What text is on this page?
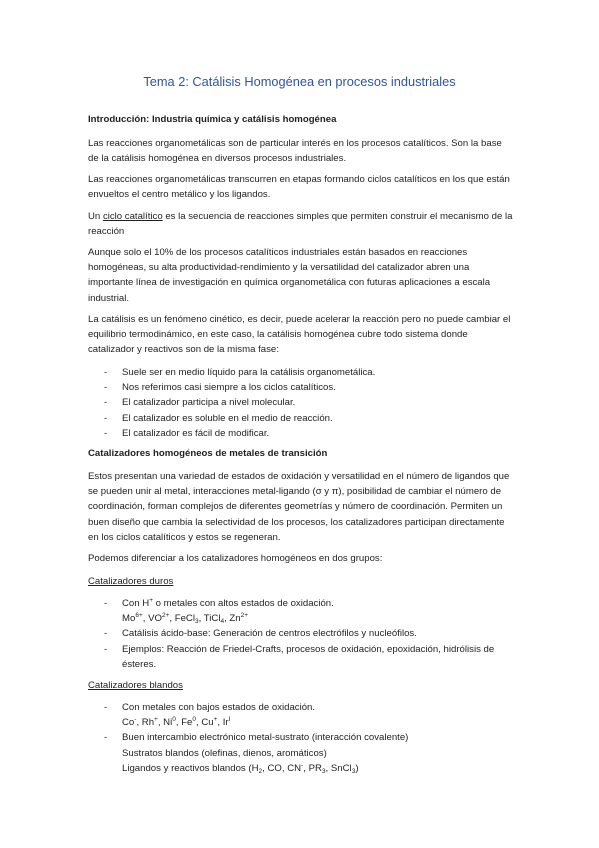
Tema 2: Catálisis Homogénea en procesos industriales

Introducción: Industria química y catálisis homogénea

Las reacciones organometálicas son de particular interés en los procesos catalíticos. Son la base de la catálisis homogénea en diversos procesos industriales.

Las reacciones organometálicas transcurren en etapas formando ciclos catalíticos en los que están envueltos el centro metálico y los ligandos.

Un ciclo catalítico es la secuencia de reacciones simples que permiten construir el mecanismo de la reacción

Aunque solo el 10% de los procesos catalíticos industriales están basados en reacciones homogéneas, su alta productividad-rendimiento y la versatilidad del catalizador abren una importante línea de investigación en química organometálica con futuras aplicaciones a escala industrial.

La catálisis es un fenómeno cinético, es decir, puede acelerar la reacción pero no puede cambiar el equilibrio termodinámico, en este caso, la catálisis homogénea cubre todo sistema donde catalizador y reactivos son de la misma fase:

- Suele ser en medio líquido para la catálisis organometálica.
- Nos referimos casi siempre a los ciclos catalíticos.
- El catalizador participa a nivel molecular.
- El catalizador es soluble en el medio de reacción.
- El catalizador es fácil de modificar.

Catalizadores homogéneos de metales de transición

Estos presentan una variedad de estados de oxidación y versatilidad en el número de ligandos que se pueden unir al metal, interacciones metal-ligando (σ y π), posibilidad de cambiar el número de coordinación, forman complejos de diferentes geometrías y número de coordinación. Permiten un buen diseño que cambia la selectividad de los procesos, los catalizadores participan directamente en los ciclos catalíticos y estos se regeneran.

Podemos diferenciar a los catalizadores homogéneos en dos grupos:

Catalizadores duros

- Con H+ o metales con altos estados de oxidación.
$Mo^{6+}$, $VO^{2+}$, FeCl$_3$, TiCl$_4$, $Zn^{2+}$
- Catálisis ácido-base: Generación de centros electrófilos y nucleófilos.
- Ejemplos: Reacción de Friedel-Crafts, procesos de oxidación, epoxidación, hidrólisis de ésteres.

Catalizadores blandos

- Con metales con bajos estados de oxidación.
Co-, Rh+, Ni$^0$, Fe$^0$, Cu+, $Ir^I$
- Buen intercambio electrónico metal-sustrato (interacción covalente)
Sustratos blandos (olefinas, dienos, aromáticos)
Ligandos y reactivos blandos ($H_2$, CO, CN-, $PR_3$, SnCl$_3$)
